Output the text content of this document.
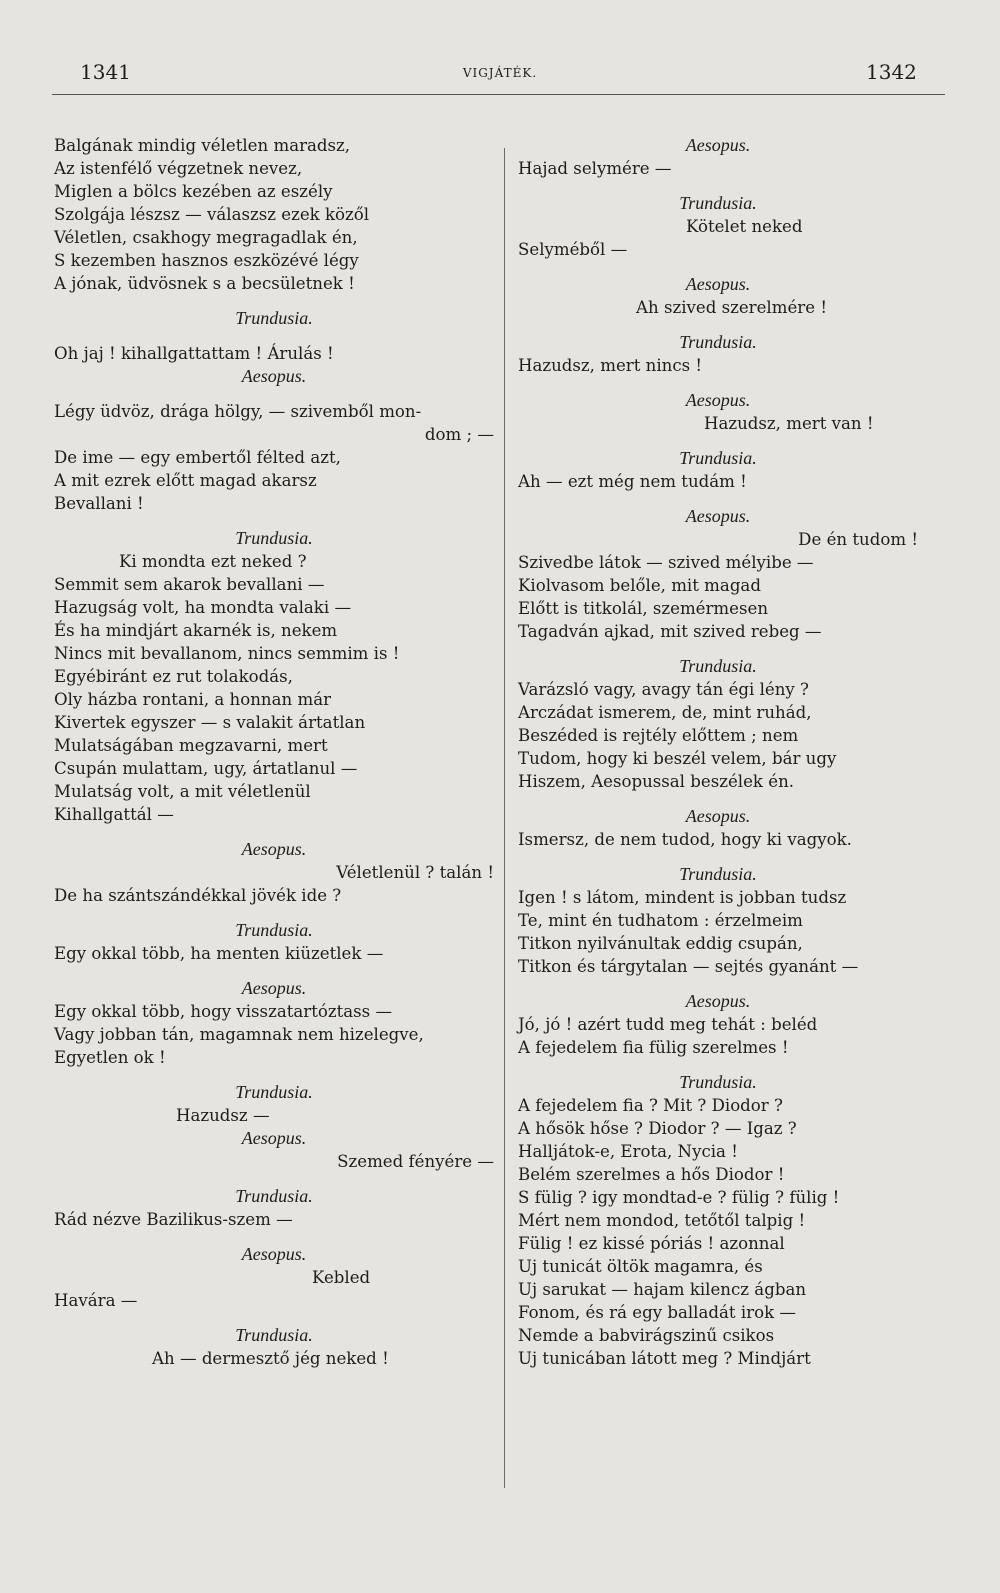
1341	VIGJÁTÉK.	1342
Balgának mindig véletlen maradsz,
Az istenfélő végzetnek nevez,
Miglen a bölcs kezében az eszély
Szolgája lészsz — válaszsz ezek közől
Véletlen, csakhogy megragadlak én,
S kezemben hasznos eszközévé légy
A jónak, üdvösnek s a becsületnek !
Trundusia.
Oh jaj ! kihallgattattam ! Árulás !
Aesopus.
Légy üdvöz, drága hölgy, — szivemből mon-
dom ; —
De ime — egy embertől félted azt,
A mit ezrek előtt magad akarsz
Bevallani !
Trundusia.
Ki mondta ezt neked ?
Semmit sem akarok bevallani —
Hazugság volt, ha mondta valaki —
És ha mindjárt akarnék is, nekem
Nincs mit bevallanom, nincs semmim is !
Egyébiránt ez rut tolakodás,
Oly házba rontani, a honnan már
Kivertek egyszer — s valakit ártatlan
Mulatságában megzavarni, mert
Csupán mulattam, ugy, ártatlanul —
Mulatság volt, a mit véletlenül
Kihallgattál —
Aesopus.
Véletlenül ? talán !
De ha szántszándékkal jövék ide ?
Trundusia.
Egy okkal több, ha menten kiüzetlek —
Aesopus.
Egy okkal több, hogy visszatartóztass —
Vagy jobban tán, magamnak nem hizelegve,
Egyetlen ok !
Trundusia.
Hazudsz —
Aesopus.
Szemed fényére —
Trundusia.
Rád nézve Bazilikus-szem —
Aesopus.
Kebled
Havára —
Trundusia.
Ah — dermesztő jég neked !
Aesopus.
Hajad selymére —
Trundusia.
Kötelet neked
Selyméből —
Aesopus.
Ah szived szerelmére !
Trundusia.
Hazudsz, mert nincs !
Aesopus.
Hazudsz, mert van !
Trundusia.
Ah — ezt még nem tudám !
Aesopus.
De én tudom !
Szivedbe látok — szived mélyibe —
Kiolvasom belőle, mit magad
Előtt is titkolál, szemérmesen
Tagadván ajkad, mit szived rebeg —
Trundusia.
Varázsló vagy, avagy tán égi lény ?
Arczádat ismerem, de, mint ruhád,
Beszéded is rejtély előttem ; nem
Tudom, hogy ki beszél velem, bár ugy
Hiszem, Aesopussal beszélek én.
Aesopus.
Ismersz, de nem tudod, hogy ki vagyok.
Trundusia.
Igen ! s látom, mindent is jobban tudsz
Te, mint én tudhatom : érzelmeim
Titkon nyilvánultak eddig csupán,
Titkon és tárgytalan — sejtés gyanánt —
Aesopus.
Jó, jó ! azért tudd meg tehát : beléd
A fejedelem fia fülig szerelmes !
Trundusia.
A fejedelem fia ? Mit ? Diodor ?
A hősök hőse ? Diodor ? — Igaz ?
Halljátok-e, Erota, Nycia !
Belém szerelmes a hős Diodor !
S fülig ? igy mondtad-e ? fülig ? fülig !
Mért nem mondod, tetőtől talpig !
Fülig ! ez kissé póriás ! azonnal
Uj tunicát öltök magamra, és
Uj sarukat — hajam kilencz ágban
Fonom, és rá egy balladát irok —
Nemde a babvirágszinű csikos
Uj tunicában látott meg ? Mindjárt
